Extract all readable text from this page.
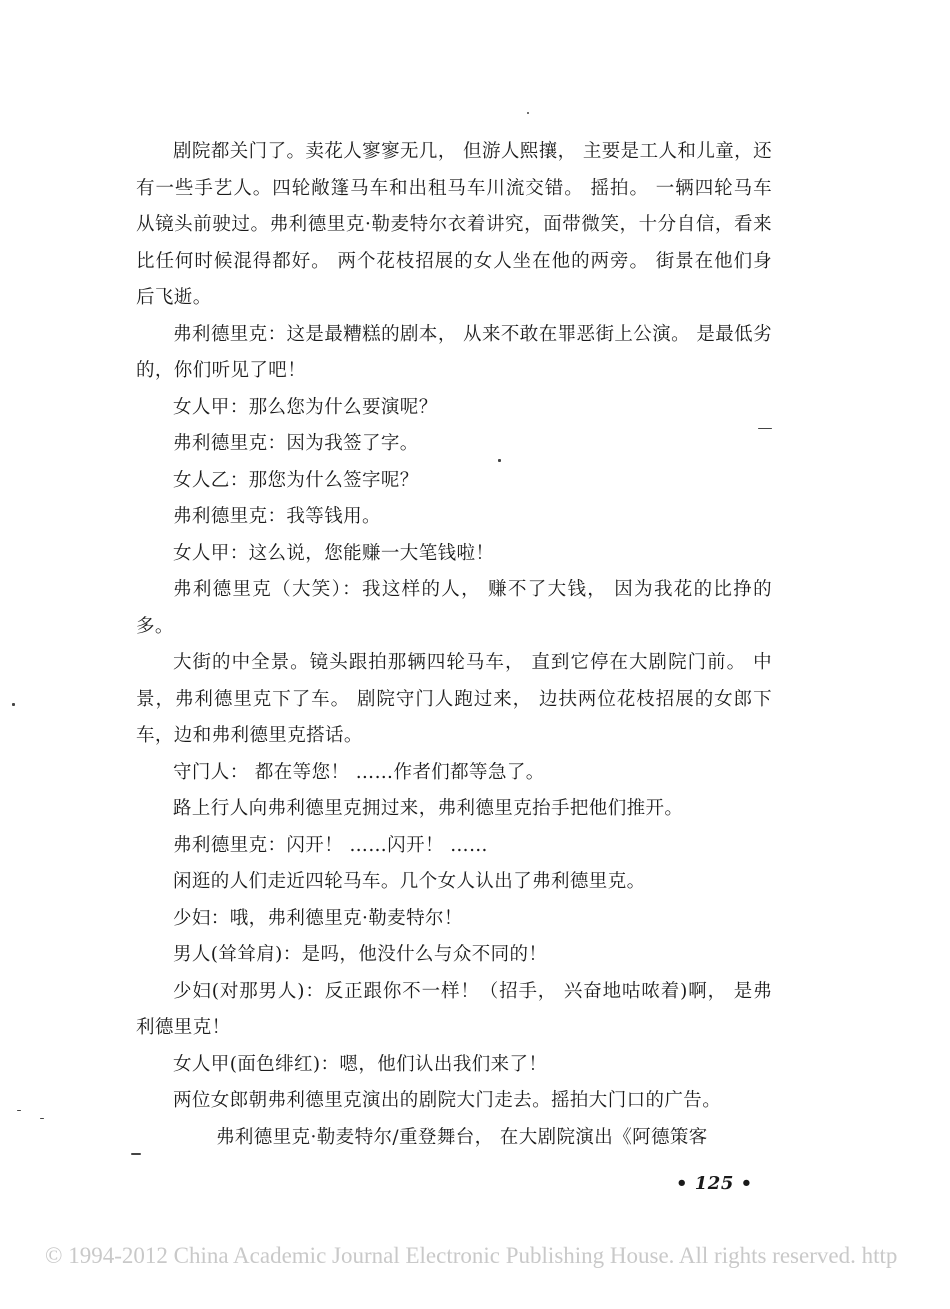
剧院都关门了。卖花人寥寥无几， 但游人熙攘， 主要是工人和儿童，还有一些手艺人。四轮敞篷马车和出租马车川流交错。 摇拍。 一辆四轮马车从镜头前驶过。弗利德里克·勒麦特尔衣着讲究，面带微笑，十分自信，看来比任何时候混得都好。 两个花枝招展的女人坐在他的两旁。 街景在他们身后飞逝。

弗利德里克：这是最糟糕的剧本， 从来不敢在罪恶街上公演。 是最低劣的，你们听见了吧！

女人甲：那么您为什么要演呢？

弗利德里克：因为我签了字。

女人乙：那您为什么签字呢？

弗利德里克：我等钱用。

女人甲：这么说，您能赚一大笔钱啦！

弗利德里克（大笑）：我这样的人， 赚不了大钱， 因为我花的比挣的多。

大街的中全景。镜头跟拍那辆四轮马车， 直到它停在大剧院门前。 中景，弗利德里克下了车。 剧院守门人跑过来， 边扶两位花枝招展的女郎下车，边和弗利德里克搭话。

守门人： 都在等您！ ……作者们都等急了。

路上行人向弗利德里克拥过来，弗利德里克抬手把他们推开。

弗利德里克：闪开！ ……闪开！ ……

闲逛的人们走近四轮马车。几个女人认出了弗利德里克。

少妇：哦，弗利德里克·勒麦特尔！

男人(耸耸肩)：是吗，他没什么与众不同的！

少妇(对那男人)：反正跟你不一样！（招手， 兴奋地咕哝着)啊， 是弗利德里克！

女人甲(面色绯红)：嗯，他们认出我们来了！

两位女郎朝弗利德里克演出的剧院大门走去。摇拍大门口的广告。

弗利德里克·勒麦特尔/重登舞台， 在大剧院演出《阿德策客

• 125 •
© 1994-2012 China Academic Journal Electronic Publishing House. All rights reserved. http
